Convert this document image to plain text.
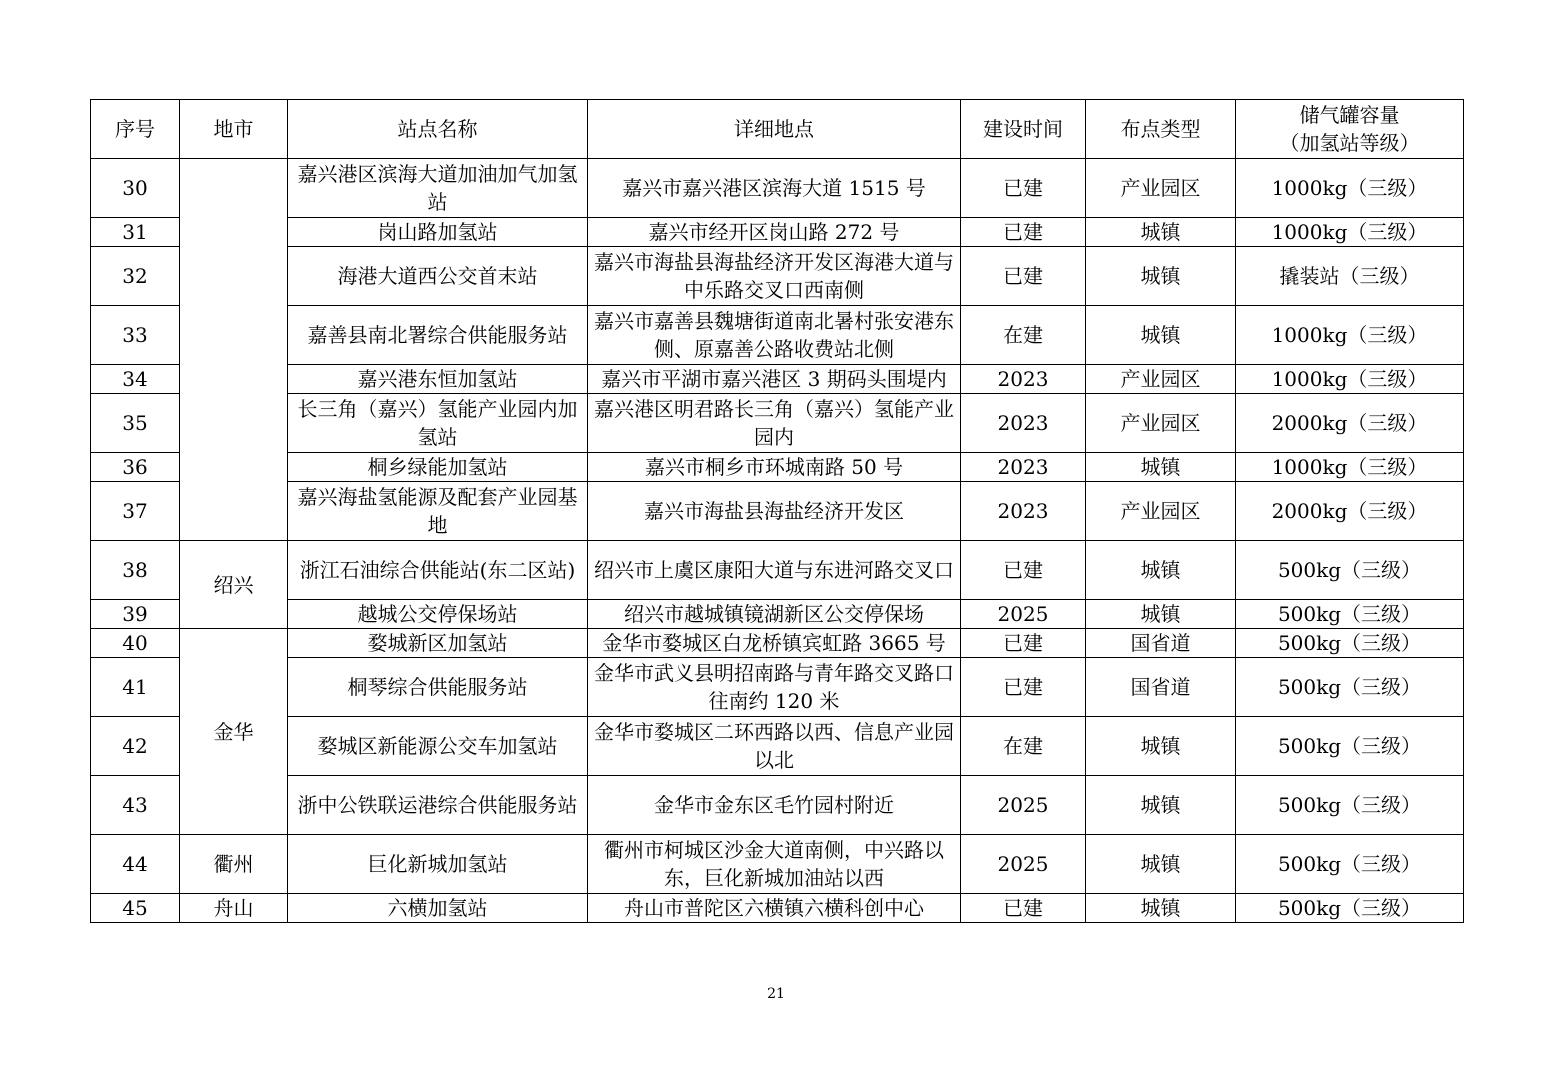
序号	地市	站点名称	详细地点	建设时间	布点类型	储气罐容量
（加氢站等级）

30		嘉兴港区滨海大道加油加气加氢站	嘉兴市嘉兴港区滨海大道 1515 号	已建	产业园区	1000kg（三级）
31		岗山路加氢站	嘉兴市经开区岗山路 272 号	已建	城镇	1000kg（三级）
32		海港大道西公交首末站	嘉兴市海盐县海盐经济开发区海港大道与中乐路交叉口西南侧	已建	城镇	撬装站（三级）
33		嘉善县南北署综合供能服务站	嘉兴市嘉善县魏塘街道南北暑村张安港东侧、原嘉善公路收费站北侧	在建	城镇	1000kg（三级）
34		嘉兴港东恒加氢站	嘉兴市平湖市嘉兴港区 3 期码头围堤内	2023	产业园区	1000kg（三级）
35		长三角（嘉兴）氢能产业园内加氢站	嘉兴港区明君路长三角（嘉兴）氢能产业园内	2023	产业园区	2000kg（三级）
36		桐乡绿能加氢站	嘉兴市桐乡市环城南路 50 号	2023	城镇	1000kg（三级）
37		嘉兴海盐氢能源及配套产业园基地	嘉兴市海盐县海盐经济开发区	2023	产业园区	2000kg（三级）
38	绍兴	浙江石油综合供能站(东二区站)	绍兴市上虞区康阳大道与东进河路交叉口	已建	城镇	500kg（三级）
39		越城公交停保场站	绍兴市越城镇镜湖新区公交停保场	2025	城镇	500kg（三级）
40	金华	婺城新区加氢站	金华市婺城区白龙桥镇宾虹路 3665 号	已建	国省道	500kg（三级）
41		桐琴综合供能服务站	金华市武义县明招南路与青年路交叉路口往南约 120 米	已建	国省道	500kg（三级）
42		婺城区新能源公交车加氢站	金华市婺城区二环西路以西、信息产业园以北	在建	城镇	500kg（三级）
43		浙中公铁联运港综合供能服务站	金华市金东区毛竹园村附近	2025	城镇	500kg（三级）
44	衢州	巨化新城加氢站	衢州市柯城区沙金大道南侧，中兴路以东，巨化新城加油站以西	2025	城镇	500kg（三级）
45	舟山	六横加氢站	舟山市普陀区六横镇六横科创中心	已建	城镇	500kg（三级）
21
